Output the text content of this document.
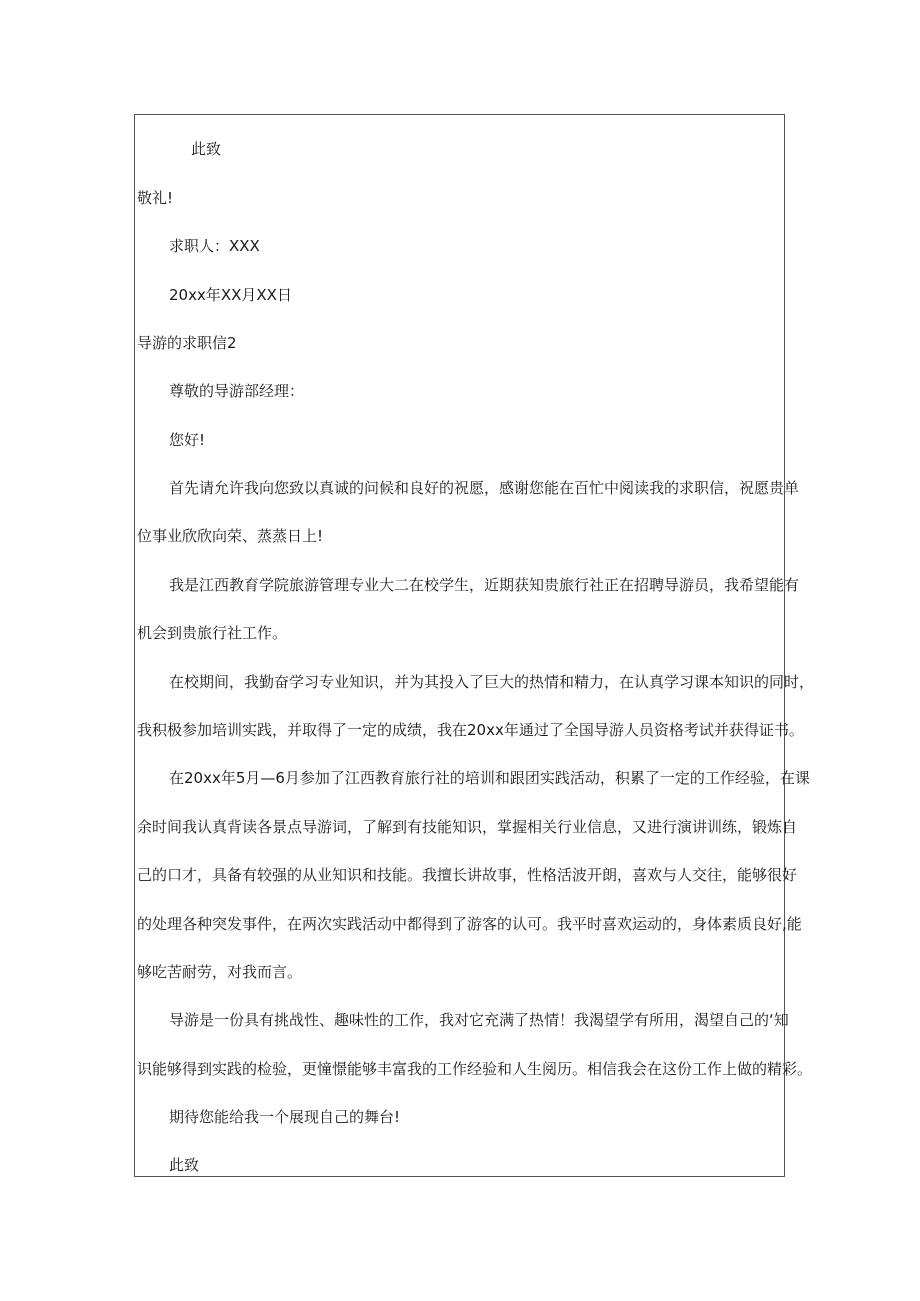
此致

敬礼!

求职人：XXX

20xx年XX月XX日

导游的求职信2

尊敬的导游部经理：

您好!

首先请允许我向您致以真诚的问候和良好的祝愿，感谢您能在百忙中阅读我的求职信，祝愿贵单

位事业欣欣向荣、蒸蒸日上!

我是江西教育学院旅游管理专业大二在校学生，近期获知贵旅行社正在招聘导游员，我希望能有

机会到贵旅行社工作。

在校期间，我勤奋学习专业知识，并为其投入了巨大的热情和精力，在认真学习课本知识的同时，

我积极参加培训实践，并取得了一定的成绩，我在20xx年通过了全国导游人员资格考试并获得证书。

在20xx年5月—6月参加了江西教育旅行社的培训和跟团实践活动，积累了一定的工作经验，在课

余时间我认真背读各景点导游词，了解到有技能知识，掌握相关行业信息，又进行演讲训练，锻炼自

己的口才，具备有较强的从业知识和技能。我擅长讲故事，性格活波开朗，喜欢与人交往，能够很好

的处理各种突发事件，在两次实践活动中都得到了游客的认可。我平时喜欢运动的，身体素质良好,能

够吃苦耐劳，对我而言。

导游是一份具有挑战性、趣味性的工作，我对它充满了热情！我渴望学有所用，渴望自己的‘知

识能够得到实践的检验，更憧憬能够丰富我的工作经验和人生阅历。相信我会在这份工作上做的精彩。

期待您能给我一个展现自己的舞台!

此致
